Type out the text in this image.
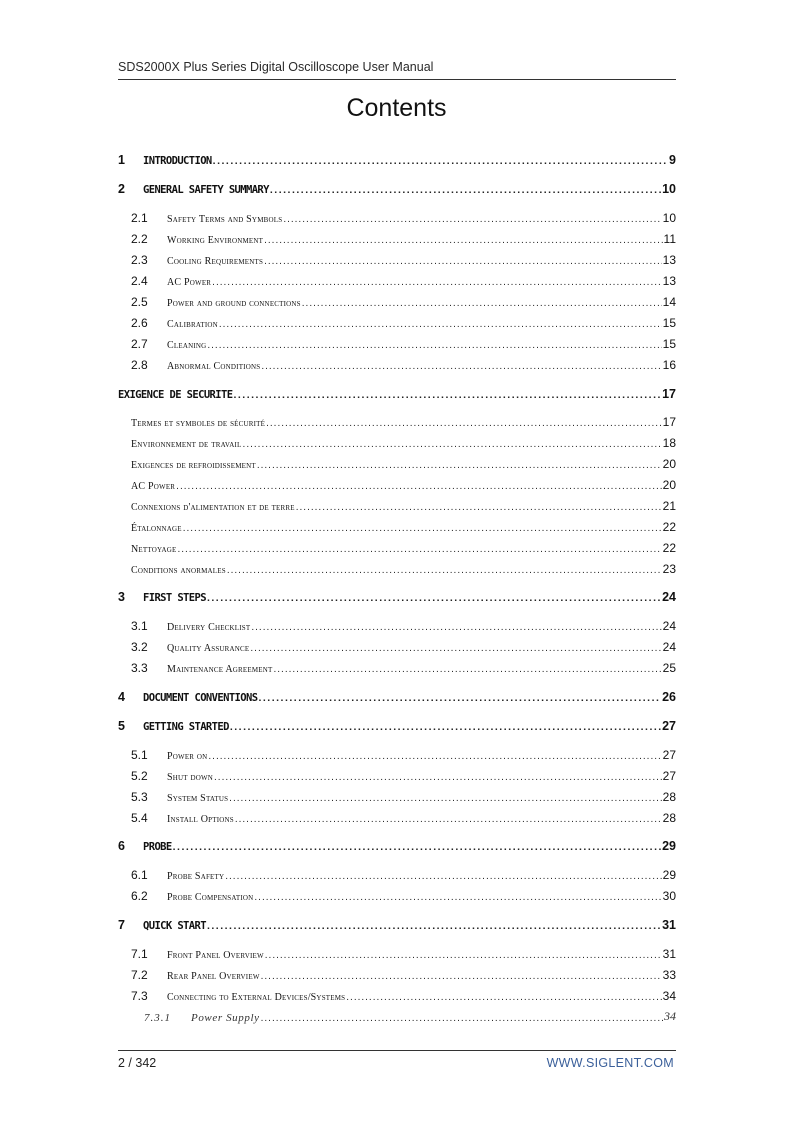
SDS2000X Plus Series Digital Oscilloscope User Manual
Contents
1	INTRODUCTION .....	9
2	GENERAL SAFETY SUMMARY .....	10
2.1	Safety Terms and Symbols .....	10
2.2	Working Environment .....	11
2.3	Cooling Requirements .....	13
2.4	AC Power .....	13
2.5	Power and ground connections .....	14
2.6	Calibration .....	15
2.7	Cleaning .....	15
2.8	Abnormal Conditions .....	16
EXIGENCE DE SECURITE .....	17
Termes et symboles de sécurité .....	17
Environnement de travail .....	18
Exigences de refroidissement .....	20
AC Power .....	20
Connexions d'alimentation et de terre .....	21
Étalonnage .....	22
Nettoyage .....	22
Conditions anormales .....	23
3	FIRST STEPS .....	24
3.1	Delivery Checklist .....	24
3.2	Quality Assurance .....	24
3.3	Maintenance Agreement .....	25
4	DOCUMENT CONVENTIONS .....	26
5	GETTING STARTED .....	27
5.1	Power on .....	27
5.2	Shut down .....	27
5.3	System Status .....	28
5.4	Install Options .....	28
6	PROBE .....	29
6.1	Probe Safety .....	29
6.2	Probe Compensation .....	30
7	QUICK START .....	31
7.1	Front Panel Overview .....	31
7.2	Rear Panel Overview .....	33
7.3	Connecting to External Devices/Systems .....	34
7.3.1	Power Supply .....	34
2 / 342	WWW.SIGLENT.COM
